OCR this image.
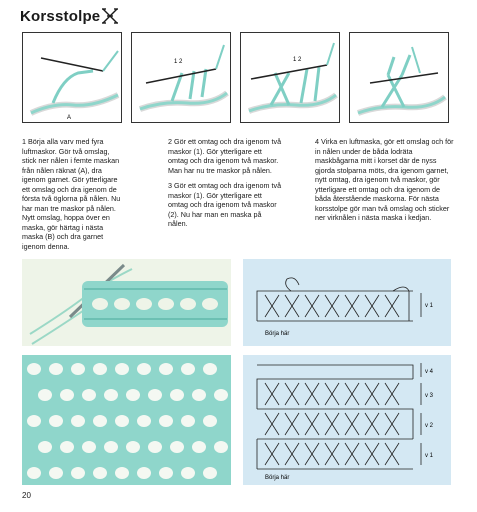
Korsstolpe
A
1 2	1 2

1 Börja alla varv med fyra luftmaskor. Gör två omslag, stick ner nålen i femte maskan från nålen räknat (A), dra igenom garnet. Gör ytterligare ett omslag och dra igenom de första två öglorna på nålen. Nu har man tre maskor på nålen. Nytt omslag, hoppa över en maska, gör härtag i nästa maska (B) och dra garnet igenom denna.

2 Gör ett omtag och dra igenom två maskor (1). Gör ytterligare ett omtag och dra igenom två maskor. Man har nu tre maskor på nålen.

3 Gör ett omtag och dra igenom två maskor (1). Gör ytterligare ett omtag och dra igenom två maskor (2). Nu har man en maska på nålen.

4 Virka en luftmaska, gör ett omslag och för in nålen under de båda lodräta maskbågarna mitt i korset där de nyss gjorda stolparna möts, dra igenom garnet, nytt omtag, dra igenom två maskor, gör ytterligare ett omtag och dra igenom de båda återstående maskorna. För nästa korsstolpe gör man två omslag och sticker ner virknålen i nästa maska i kedjan.

v 1
Börja här
v 4
v 3
v 2
v 1
Börja här
20
